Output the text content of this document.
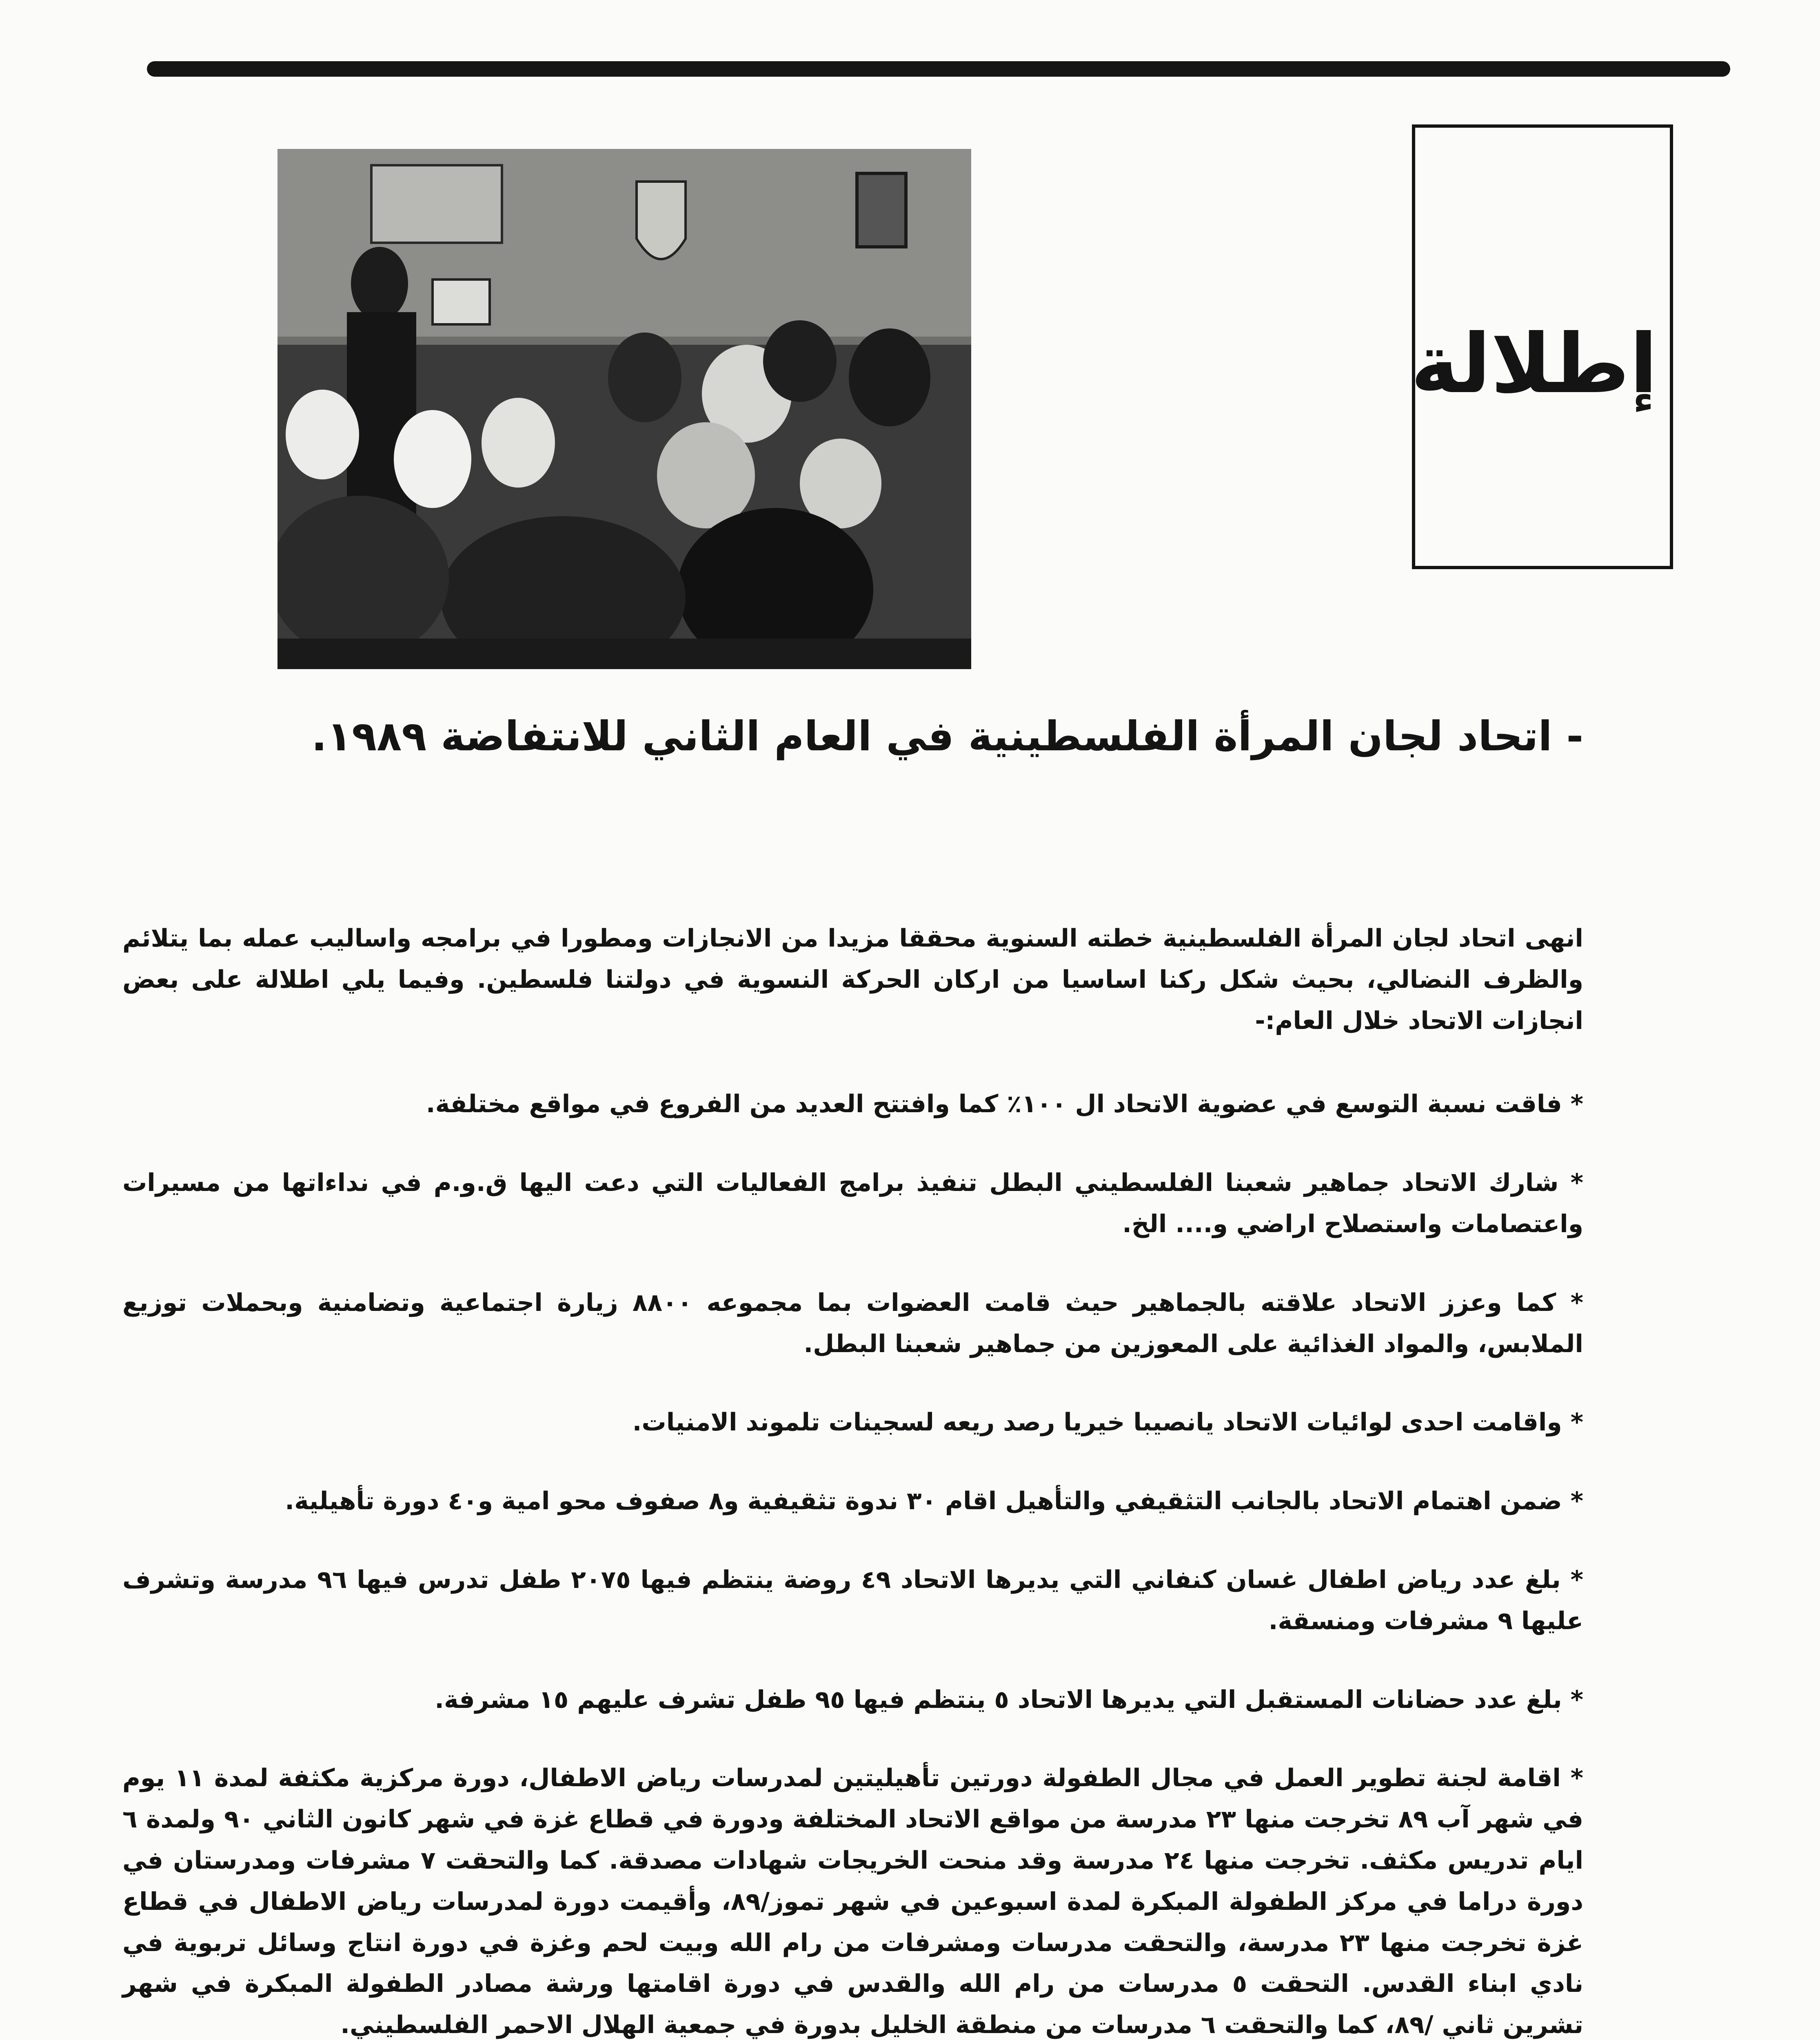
إطلالة
- اتحاد لجان المرأة الفلسطينية في العام الثاني للانتفاضة ١٩٨٩.

انهى اتحاد لجان المرأة الفلسطينية خطته السنوية محققا مزيدا من الانجازات ومطورا في برامجه واساليب عمله بما يتلائم والظرف النضالي، بحيث شكل ركنا اساسيا من اركان الحركة النسوية في دولتنا فلسطين. وفيما يلي اطلالة على بعض انجازات الاتحاد خلال العام:-

* فاقت نسبة التوسع في عضوية الاتحاد ال ١٠٠٪ كما وافتتح العديد من الفروع في مواقع مختلفة.

* شارك الاتحاد جماهير شعبنا الفلسطيني البطل تنفيذ برامج الفعاليات التي دعت اليها ق.و.م في نداءاتها من مسيرات واعتصامات واستصلاح اراضي و.... الخ.

* كما وعزز الاتحاد علاقته بالجماهير حيث قامت العضوات بما مجموعه ٨٨٠٠ زيارة اجتماعية وتضامنية وبحملات توزيع الملابس، والمواد الغذائية على المعوزين من جماهير شعبنا البطل.

* واقامت احدى لوائيات الاتحاد يانصيبا خيريا رصد ريعه لسجينات تلموند الامنيات.

* ضمن اهتمام الاتحاد بالجانب التثقيفي والتأهيل اقام ٣٠ ندوة تثقيفية و٨ صفوف محو امية و٤٠ دورة تأهيلية.

* بلغ عدد رياض اطفال غسان كنفاني التي يديرها الاتحاد ٤٩ روضة ينتظم فيها ٢٠٧٥ طفل تدرس فيها ٩٦ مدرسة وتشرف عليها ٩ مشرفات ومنسقة.

* بلغ عدد حضانات المستقبل التي يديرها الاتحاد ٥ ينتظم فيها ٩٥ طفل تشرف عليهم ١٥ مشرفة.

* اقامة لجنة تطوير العمل في مجال الطفولة دورتين تأهيليتين لمدرسات رياض الاطفال، دورة مركزية مكثفة لمدة ١١ يوم في شهر آب ٨٩ تخرجت منها ٢٣ مدرسة من مواقع الاتحاد المختلفة ودورة في قطاع غزة في شهر كانون الثاني ٩٠ ولمدة ٦ ايام تدريس مكثف. تخرجت منها ٢٤ مدرسة وقد منحت الخريجات شهادات مصدقة. كما والتحقت ٧ مشرفات ومدرستان في دورة دراما في مركز الطفولة المبكرة لمدة اسبوعين في شهر تموز/٨٩، وأقيمت دورة لمدرسات رياض الاطفال في قطاع غزة تخرجت منها ٢٣ مدرسة، والتحقت مدرسات ومشرفات من رام الله وبيت لحم وغزة في دورة انتاج وسائل تربوية في نادي ابناء القدس. التحقت ٥ مدرسات من رام الله والقدس في دورة اقامتها ورشة مصادر الطفولة المبكرة في شهر تشرين ثاني /٨٩، كما والتحقت ٦ مدرسات من منطقة الخليل بدورة في جمعية الهلال الاحمر الفلسطيني.
